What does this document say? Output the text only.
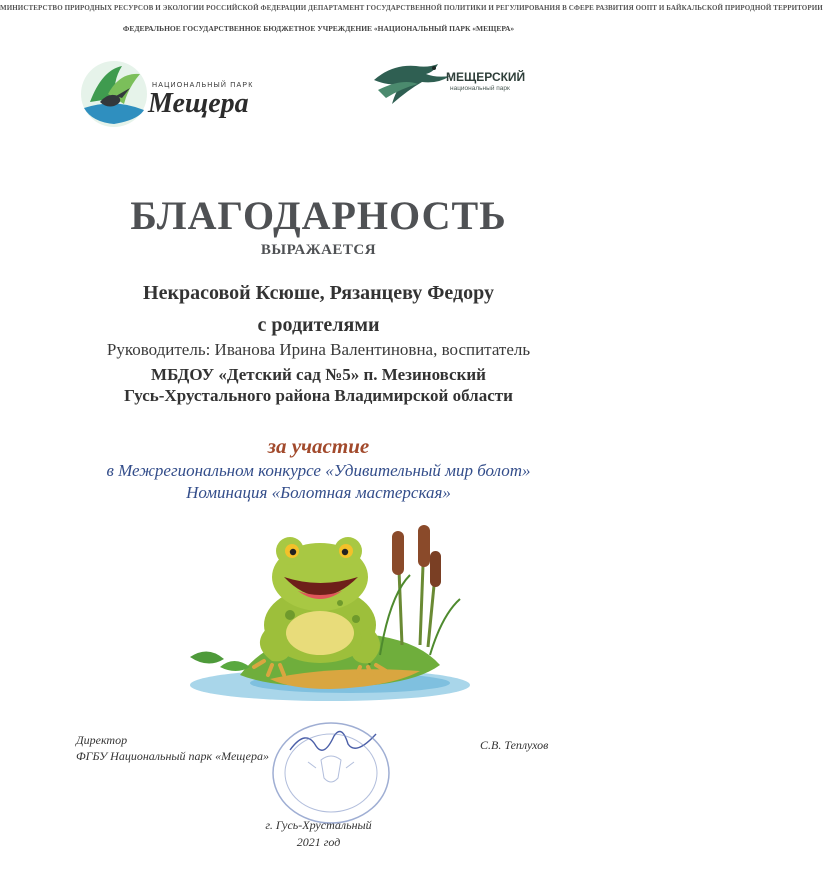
МИНИСТЕРСТВО ПРИРОДНЫХ РЕСУРСОВ И ЭКОЛОГИИ РОССИЙСКОЙ ФЕДЕРАЦИИ ДЕПАРТАМЕНТ ГОСУДАРСТВЕННОЙ ПОЛИТИКИ И РЕГУЛИРОВАНИЯ В СФЕРЕ РАЗВИТИЯ ООПТ И БАЙКАЛЬСКОЙ ПРИРОДНОЙ ТЕРРИТОРИИ
ФЕДЕРАЛЬНОЕ ГОСУДАРСТВЕННОЕ БЮДЖЕТНОЕ УЧРЕЖДЕНИЕ «НАЦИОНАЛЬНЫЙ ПАРК «МЕЩЕРА»
НАЦИОНАЛЬНЫЙ ПАРК
Мещера
МЕЩЕРСКИЙ
национальный парк
БЛАГОДАРНОСТЬ
ВЫРАЖАЕТСЯ
Некрасовой Ксюше, Рязанцеву Федору
с родителями
Руководитель: Иванова Ирина Валентиновна, воспитатель
МБДОУ «Детский сад №5» п. Мезиновский
Гусь-Хрустального района Владимирской области
за участие
в Межрегиональном конкурсе «Удивительный мир болот»
Номинация «Болотная мастерская»
Директор
ФГБУ Национальный парк «Мещера»
С.В. Теплухов
г. Гусь-Хрустальный
2021 год
